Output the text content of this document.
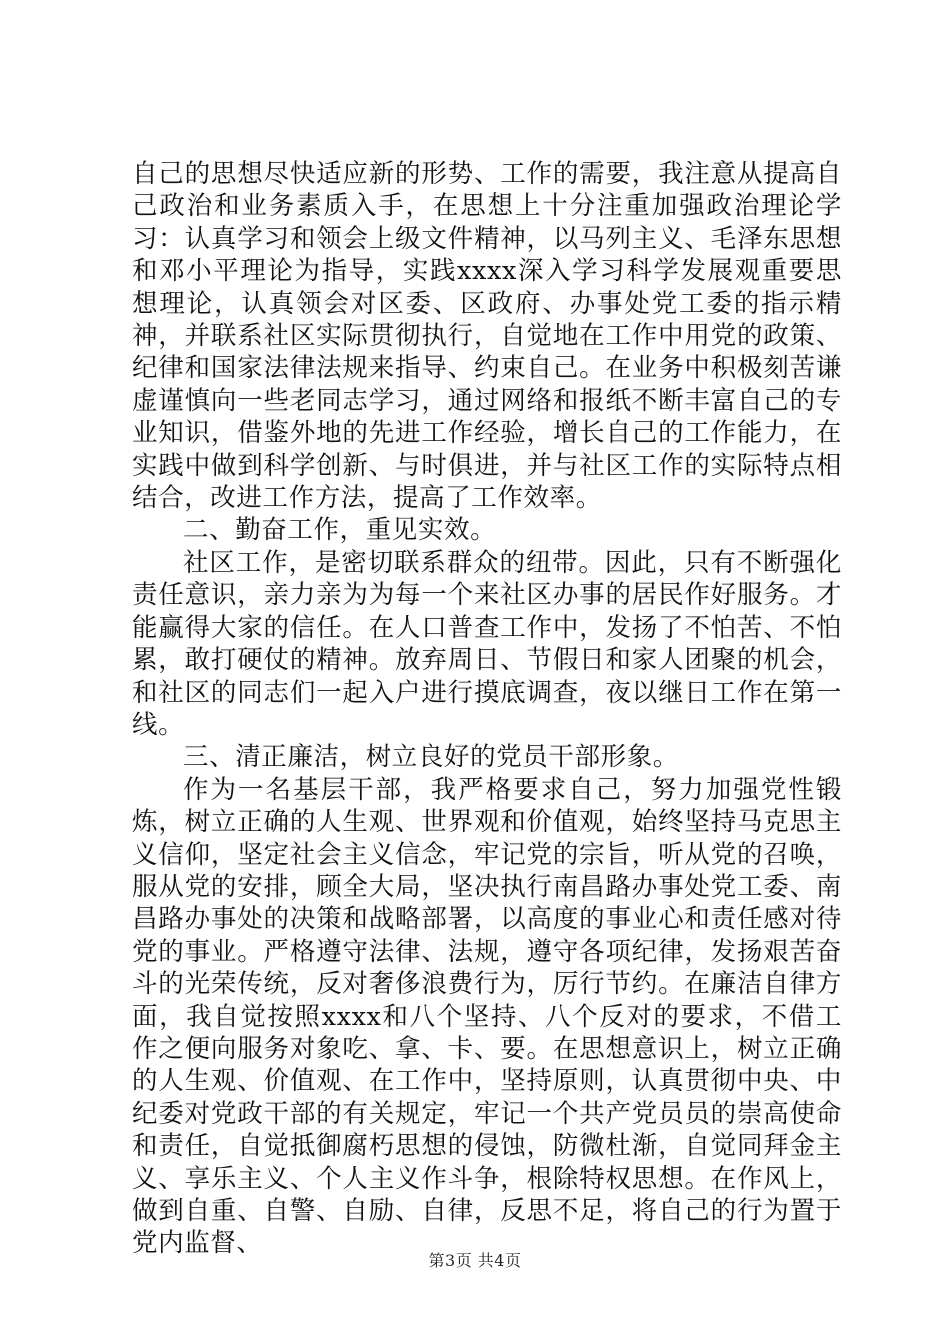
自己的思想尽快适应新的形势、工作的需要，我注意从提高自己政治和业务素质入手，在思想上十分注重加强政治理论学习：认真学习和领会上级文件精神，以马列主义、毛泽东思想和邓小平理论为指导，实践xxxx深入学习科学发展观重要思想理论，认真领会对区委、区政府、办事处党工委的指示精神，并联系社区实际贯彻执行，自觉地在工作中用党的政策、纪律和国家法律法规来指导、约束自己。在业务中积极刻苦谦虚谨慎向一些老同志学习，通过网络和报纸不断丰富自己的专业知识，借鉴外地的先进工作经验，增长自己的工作能力，在实践中做到科学创新、与时俱进，并与社区工作的实际特点相结合，改进工作方法，提高了工作效率。

二、勤奋工作，重见实效。

社区工作，是密切联系群众的纽带。因此，只有不断强化责任意识，亲力亲为为每一个来社区办事的居民作好服务。才能赢得大家的信任。在人口普查工作中，发扬了不怕苦、不怕累，敢打硬仗的精神。放弃周日、节假日和家人团聚的机会，和社区的同志们一起入户进行摸底调查，夜以继日工作在第一线。

三、清正廉洁，树立良好的党员干部形象。

作为一名基层干部，我严格要求自己，努力加强党性锻炼，树立正确的人生观、世界观和价值观，始终坚持马克思主义信仰，坚定社会主义信念，牢记党的宗旨，听从党的召唤，服从党的安排，顾全大局，坚决执行南昌路办事处党工委、南昌路办事处的决策和战略部署，以高度的事业心和责任感对待党的事业。严格遵守法律、法规，遵守各项纪律，发扬艰苦奋斗的光荣传统，反对奢侈浪费行为，厉行节约。在廉洁自律方面，我自觉按照xxxx和八个坚持、八个反对的要求，不借工作之便向服务对象吃、拿、卡、要。在思想意识上，树立正确的人生观、价值观、在工作中，坚持原则，认真贯彻中央、中纪委对党政干部的有关规定，牢记一个共产党员员的崇高使命和责任，自觉抵御腐朽思想的侵蚀，防微杜渐，自觉同拜金主义、享乐主义、个人主义作斗争，根除特权思想。在作风上，做到自重、自警、自励、自律，反思不足，将自己的行为置于党内监督、

第3页 共4页
